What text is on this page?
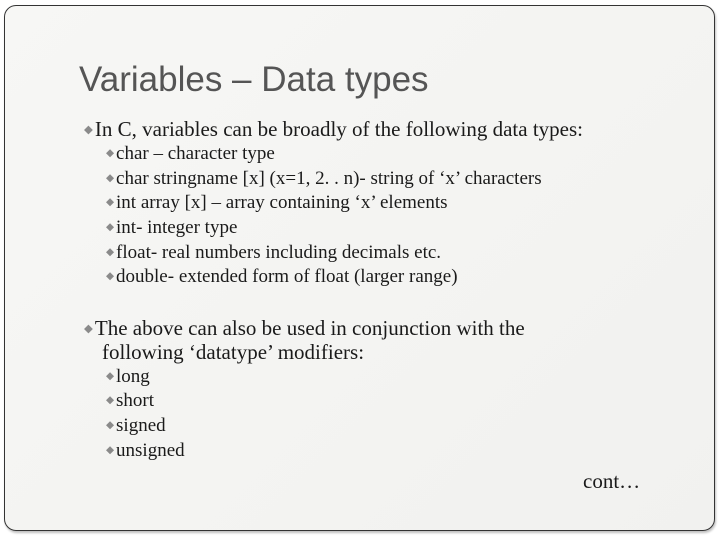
Variables – Data types
◆In C, variables can be broadly of the following data types:
◆ char – character type
◆ char stringname [x] (x=1, 2. . n)- string of ‘x’ characters
◆ int array [x] – array containing ‘x’ elements
◆ int- integer type
◆ float- real numbers including decimals etc.
◆ double- extended form of float (larger range)
◆The above can also be used in conjunction with the
following ‘datatype’ modifiers:
◆ long
◆ short
◆ signed
◆ unsigned
cont…
